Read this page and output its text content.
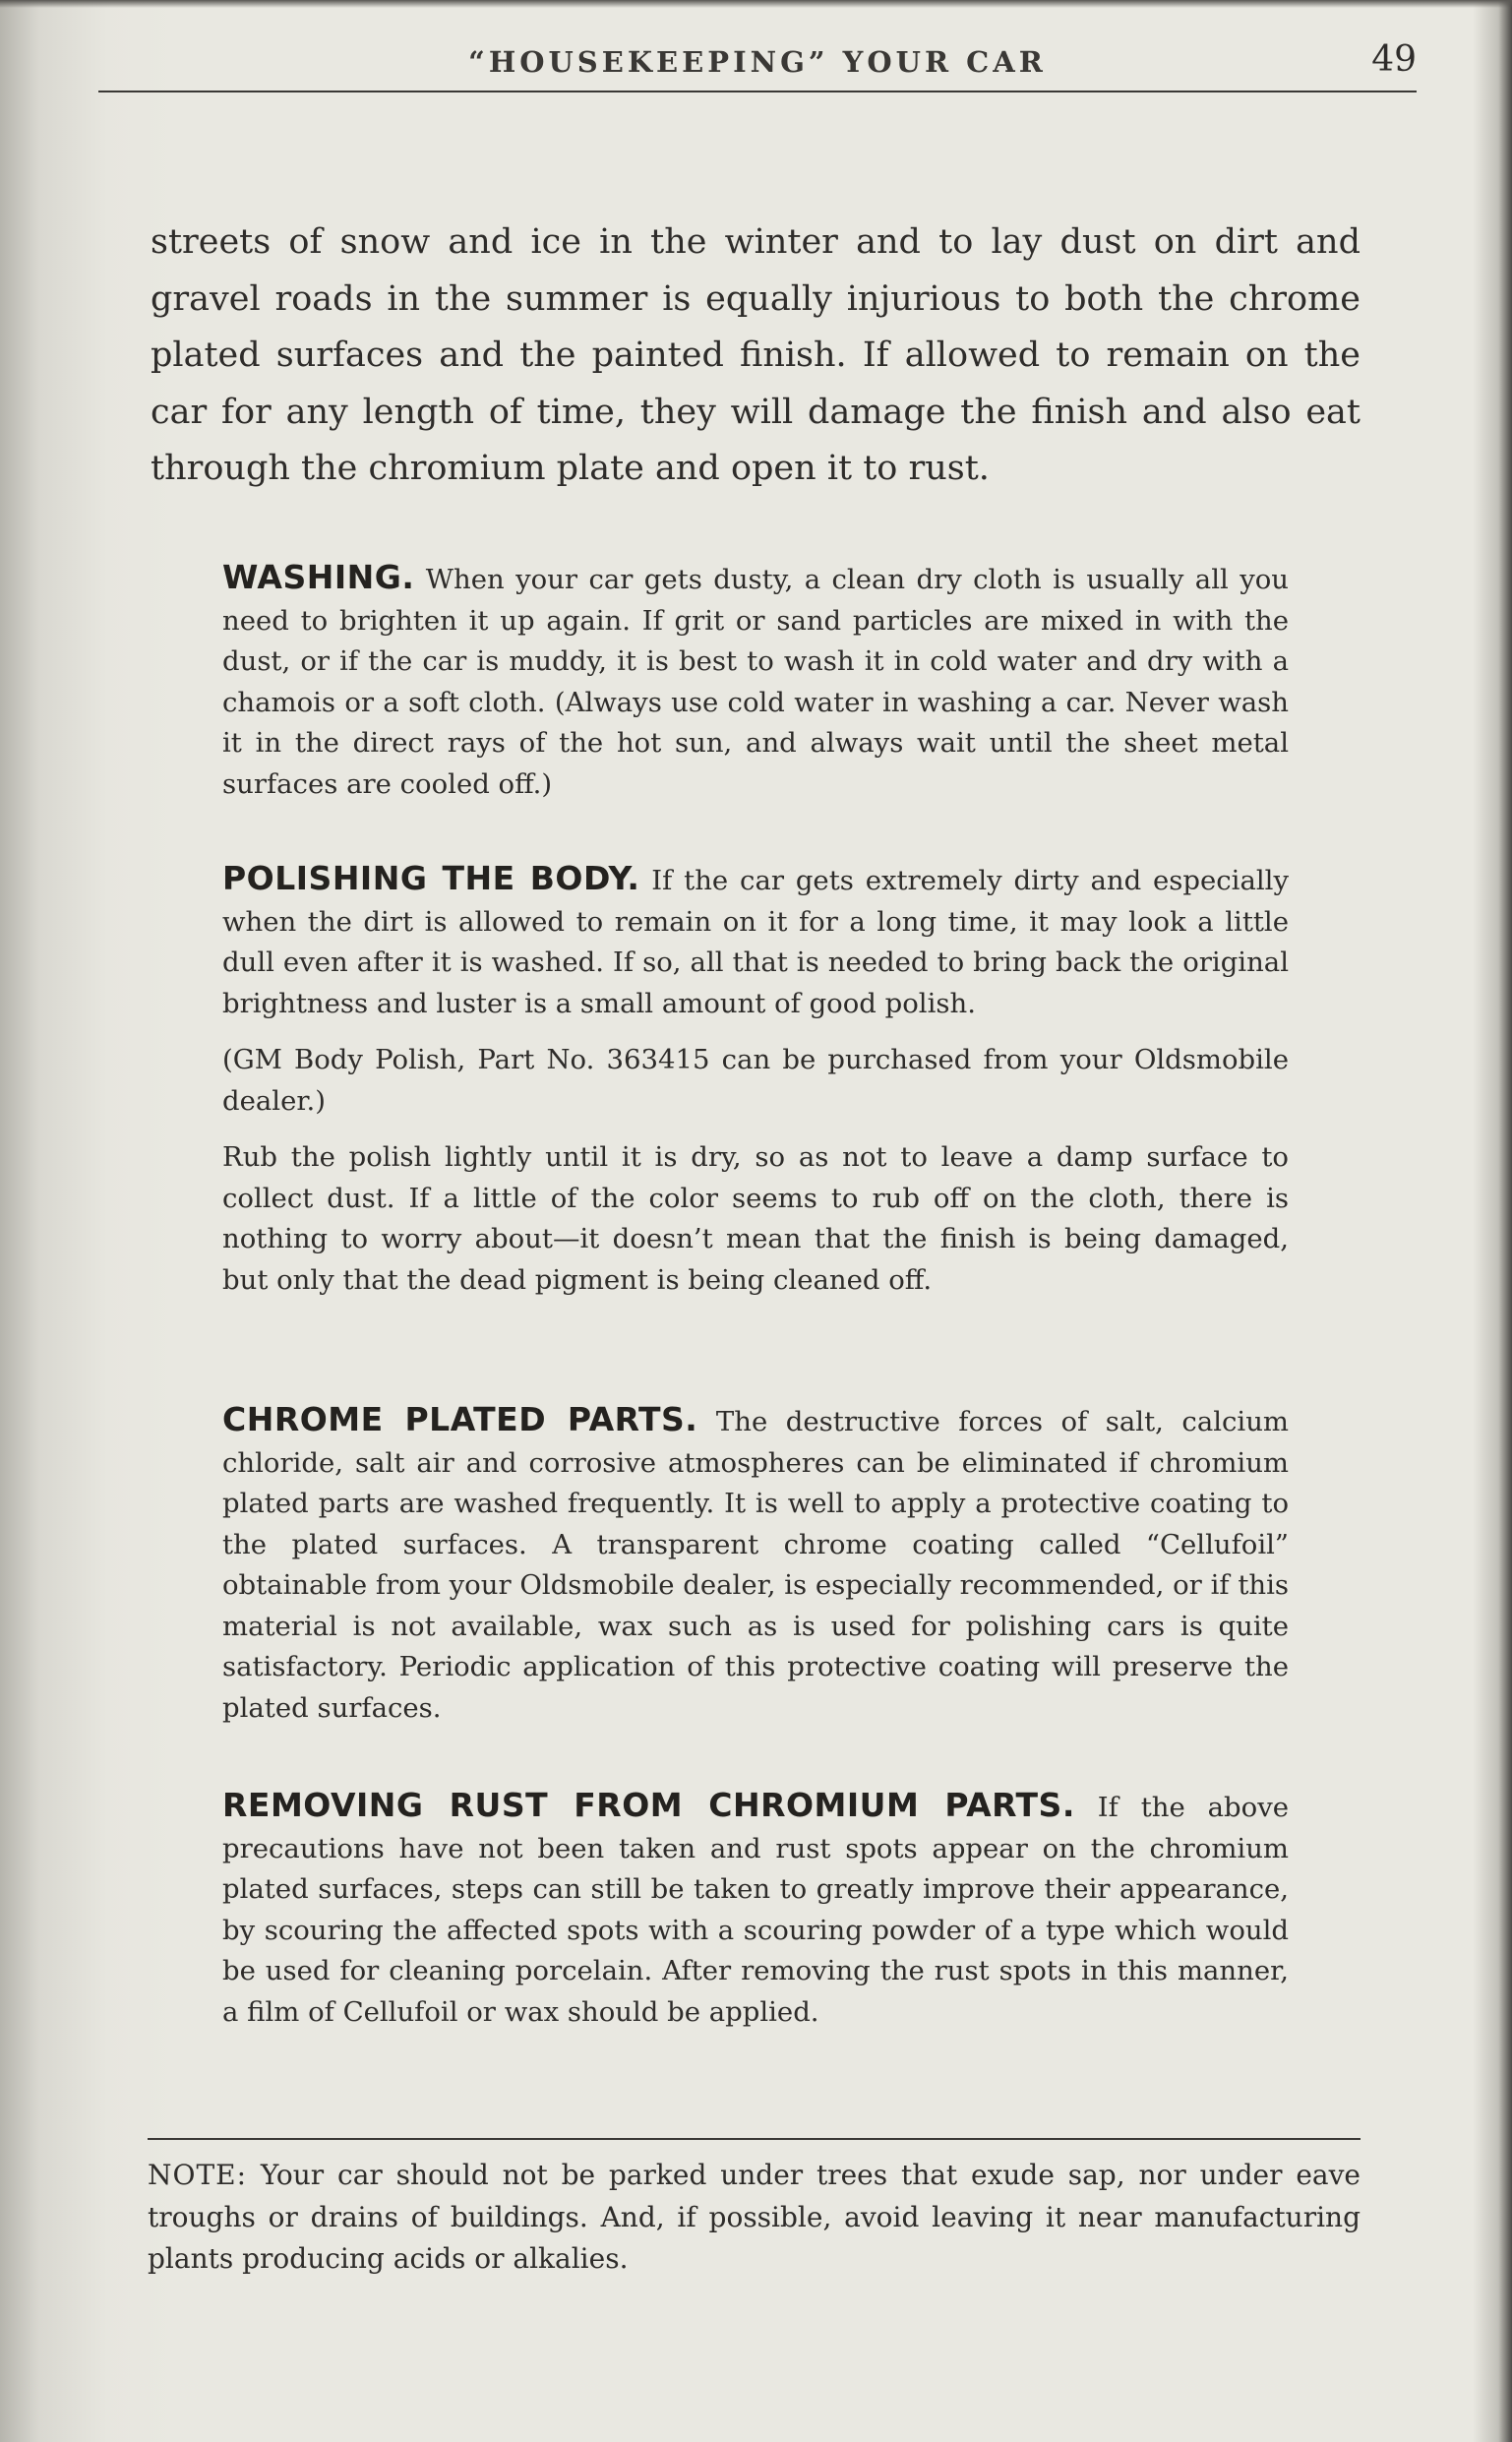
“HOUSEKEEPING” YOUR CAR	49
streets of snow and ice in the winter and to lay dust on dirt and gravel roads in the summer is equally injurious to both the chrome plated surfaces and the painted finish. If allowed to remain on the car for any length of time, they will damage the finish and also eat through the chromium plate and open it to rust.

WASHING. When your car gets dusty, a clean dry cloth is usually all you need to brighten it up again. If grit or sand particles are mixed in with the dust, or if the car is muddy, it is best to wash it in cold water and dry with a chamois or a soft cloth. (Always use cold water in washing a car. Never wash it in the direct rays of the hot sun, and always wait until the sheet metal surfaces are cooled off.)

POLISHING THE BODY. If the car gets extremely dirty and especially when the dirt is allowed to remain on it for a long time, it may look a little dull even after it is washed. If so, all that is needed to bring back the original brightness and luster is a small amount of good polish.

(GM Body Polish, Part No. 363415 can be purchased from your Oldsmobile dealer.)

Rub the polish lightly until it is dry, so as not to leave a damp surface to collect dust. If a little of the color seems to rub off on the cloth, there is nothing to worry about—it doesn’t mean that the finish is being damaged, but only that the dead pigment is being cleaned off.

CHROME PLATED PARTS. The destructive forces of salt, calcium chloride, salt air and corrosive atmospheres can be eliminated if chromium plated parts are washed frequently. It is well to apply a protective coating to the plated surfaces. A transparent chrome coating called “Cellufoil” obtainable from your Oldsmobile dealer, is especially recommended, or if this material is not available, wax such as is used for polishing cars is quite satisfactory. Periodic application of this protective coating will preserve the plated surfaces.

REMOVING RUST FROM CHROMIUM PARTS. If the above precautions have not been taken and rust spots appear on the chromium plated surfaces, steps can still be taken to greatly improve their appearance, by scouring the affected spots with a scouring powder of a type which would be used for cleaning porcelain. After removing the rust spots in this manner, a film of Cellufoil or wax should be applied.

NOTE: Your car should not be parked under trees that exude sap, nor under eave troughs or drains of buildings. And, if possible, avoid leaving it near manufacturing plants producing acids or alkalies.
